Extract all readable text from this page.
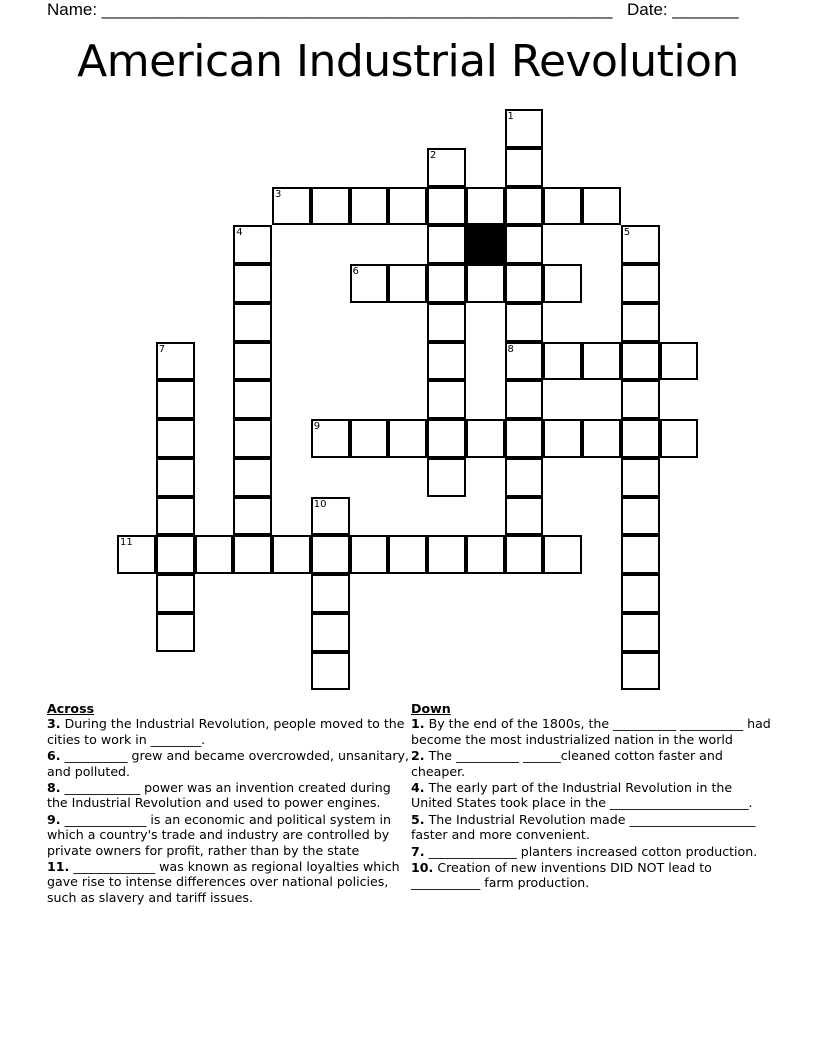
Name: ______________________________________________________ Date: _______
American Industrial Revolution
1
8
2
3
4	5
6
7
9
10
11
Across
3. During the Industrial Revolution, people moved to the cities to work in ________.
6. __________ grew and became overcrowded, unsanitary, and polluted.
8. ____________ power was an invention created during the Industrial Revolution and used to power engines.
9. _____________ is an economic and political system in which a country's trade and industry are controlled by private owners for profit, rather than by the state
11. _____________ was known as regional loyalties which gave rise to intense differences over national policies, such as slavery and tariff issues.
Down
1. By the end of the 1800s, the __________ __________ had become the most industrialized nation in the world
2. The __________ ______cleaned cotton faster and cheaper.
4. The early part of the Industrial Revolution in the United States took place in the ______________________.
5. The Industrial Revolution made ____________________ faster and more convenient.
7. ______________ planters increased cotton production.
10. Creation of new inventions DID NOT lead to ___________ farm production.
